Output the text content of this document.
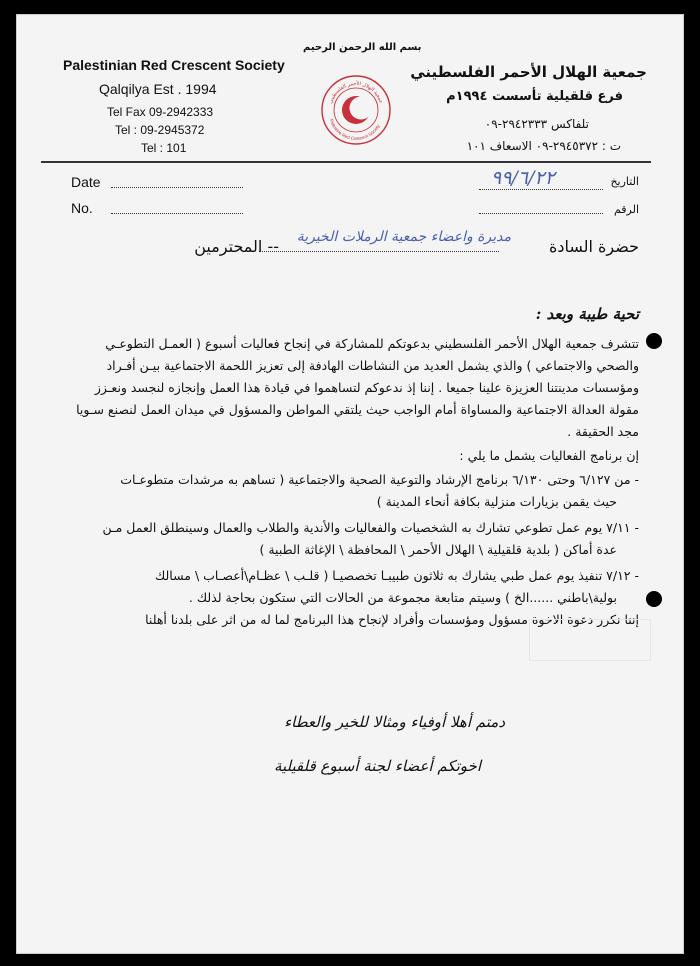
Palestinian Red Crescent Society
Qalqilya Est . 1994
Tel Fax 09-2942333
Tel : 09-2945372
Tel : 101
بسم الله الرحمن الرحيم
جمعية الهلال الأحمر الفلسطيني
Palestine Red Crescent Society
جمعية الهلال الأحمر الفلسطيني
فرع قلقيلية تأسست ١٩٩٤م
تلفاكس ٢٩٤٢٣٣٣-٠٩
ت : ٢٩٤٥٣٧٢-٠٩ الاسعاف ١٠١
Date
No.
التاريخ
٩٩/٦/٢٢
الرقم
حضرة السادة
مديرة واعضاء جمعية الرملات الخيرية
-- المحترمين
تحية طيبة وبعد :
تتشرف جمعية الهلال الأحمر الفلسطيني بدعوتكم للمشاركة في إنجاح فعاليات أسبوع ( العمـل التطوعـي
والصحي والاجتماعي ) والذي يشمل العديد من النشاطات الهادفة إلى تعزيز اللحمة الاجتماعية بيـن أفـراد
ومؤسسات مدينتنا العزيزة علينا جميعا . إننا إذ ندعوكم لتساهموا في قيادة هذا العمل وإنجازه لنجسد ونعـزز
مقولة العدالة الاجتماعية والمساواة أمام الواجب حيث يلتقي المواطن والمسؤول في ميدان العمل لنصنع سـويا
مجد الحقيقة .
إن برنامج الفعاليات يشمل ما يلي :
- من ٦/١٢٧ وحتى ٦/١٣٠ برنامج الإرشاد والتوعية الصحية والاجتماعية ( تساهم به مرشدات متطوعـات
حيث يقمن بزيارات منزلية بكافة أنحاء المدينة )
- ٧/١١ يوم عمل تطوعي تشارك به الشخصيات والفعاليات والأندية والطلاب والعمال وسينطلق العمل مـن
عدة أماكن ( بلدية قلقيلية \ الهلال الأحمر \ المحافظة \ الإغاثة الطبية )
- ٧/١٢ تنفيذ يوم عمل طبي يشارك به ثلاثون طبيبـا تخصصيـا ( قلـب \ عظـام\أعصـاب \ مسالك
بولية\باطني ......الخ ) وسيتم متابعة مجموعة من الحالات التي ستكون بحاجة لذلك .
إننا نكرر دعوة الاخوة مسؤول ومؤسسات وأفراد لإنجاح هذا البرنامج لما له من اثر على بلدنا أهلنا
دمتم أهلا أوفياء ومثالا للخير والعطاء
اخوتكم أعضاء لجنة أسبوع قلقيلية
